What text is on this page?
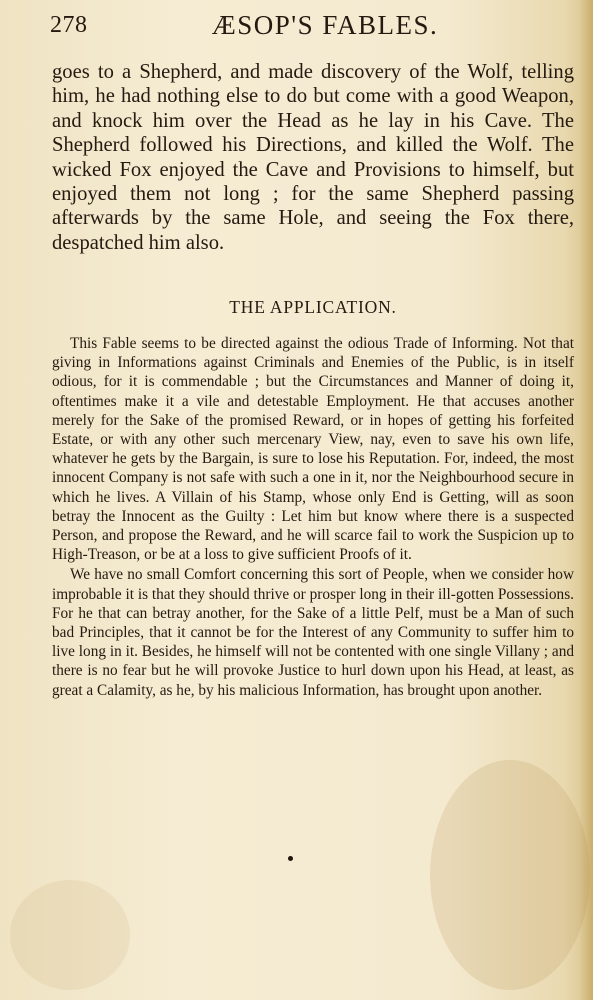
278	ÆSOP'S FABLES.

goes to a Shepherd, and made discovery of the Wolf, telling him, he had nothing else to do but come with a good Weapon, and knock him over the Head as he lay in his Cave. The Shepherd followed his Directions, and killed the Wolf. The wicked Fox enjoyed the Cave and Provisions to himself, but enjoyed them not long ; for the same Shepherd passing afterwards by the same Hole, and seeing the Fox there, despatched him also.

THE APPLICATION.

This Fable seems to be directed against the odious Trade of Informing. Not that giving in Informations against Criminals and Enemies of the Public, is in itself odious, for it is commendable ; but the Circumstances and Manner of doing it, oftentimes make it a vile and detestable Employment. He that accuses another merely for the Sake of the promised Reward, or in hopes of getting his forfeited Estate, or with any other such mercenary View, nay, even to save his own life, whatever he gets by the Bargain, is sure to lose his Reputation. For, indeed, the most innocent Company is not safe with such a one in it, nor the Neighbourhood secure in which he lives. A Villain of his Stamp, whose only End is Getting, will as soon betray the Innocent as the Guilty : Let him but know where there is a suspected Person, and propose the Reward, and he will scarce fail to work the Suspicion up to High-Treason, or be at a loss to give sufficient Proofs of it.

We have no small Comfort concerning this sort of People, when we consider how improbable it is that they should thrive or prosper long in their ill-gotten Possessions. For he that can betray another, for the Sake of a little Pelf, must be a Man of such bad Principles, that it cannot be for the Interest of any Community to suffer him to live long in it. Besides, he himself will not be contented with one single Villany ; and there is no fear but he will provoke Justice to hurl down upon his Head, at least, as great a Calamity, as he, by his malicious Information, has brought upon another.
